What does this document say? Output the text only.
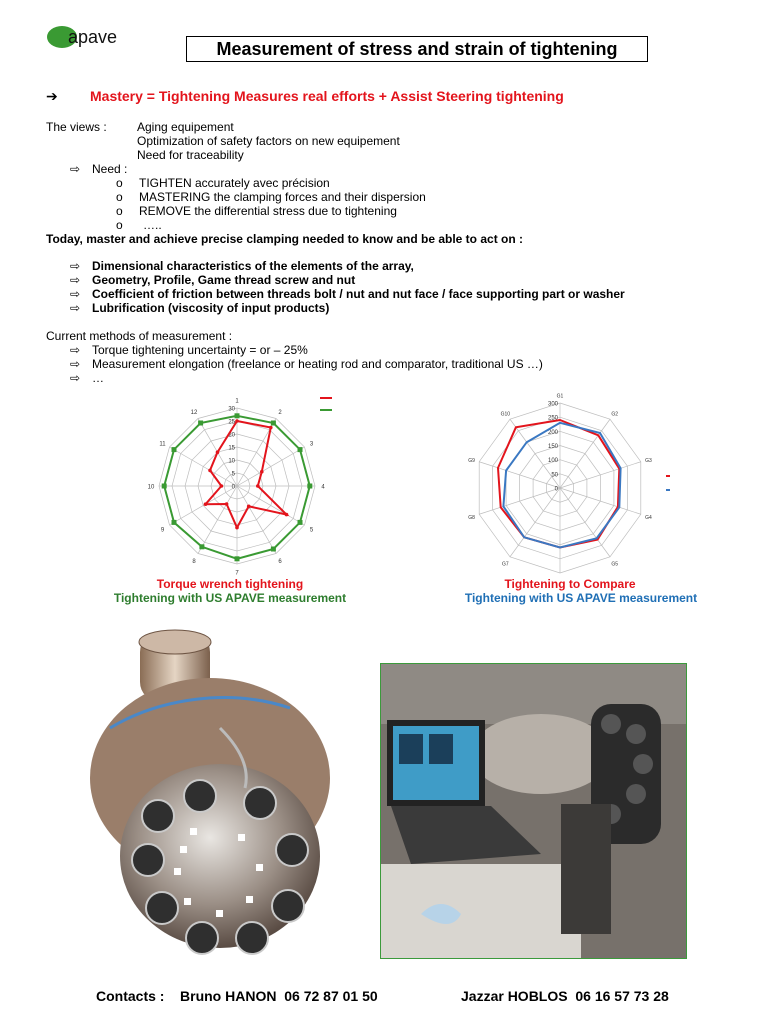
apave
Measurement of stress and strain of tightening
➔ Mastery = Tightening Measures real efforts + Assist Steering tightening
The views :	Aging equipement
Optimization of safety factors on new equipement
Need for traceability
⇨ Need :
o TIGHTEN accurately avec précision
o MASTERING the clamping forces and their dispersion
o REMOVE the differential stress due to tightening
o …..
Today, master and achieve precise clamping needed to know and be able to act on :
⇨ Dimensional characteristics of the elements of the array,
⇨ Geometry, Profile, Game thread screw and nut
⇨ Coefficient of friction between threads bolt / nut and nut face / face supporting part or washer
⇨ Lubrification (viscosity of input products)
Current methods of measurement :
⇨ Torque tightening uncertainty = or – 25%
⇨ Measurement elongation (freelance or heating rod and comparator, traditional US …)
⇨ …
1
2
3
4
5
6
7
8
9
10
11
12
0
5
10
15
20
25
30
Torque wrench tightening
Tightening with US APAVE measurement
G1
G2
G3
G4
G5
G7
G8
G9
G10
0
50
100
150
200
250
300
Tightening to Compare
Tightening with US APAVE measurement
Contacts : Bruno HANON 06 72 87 01 50	Jazzar HOBLOS 06 16 57 73 28
